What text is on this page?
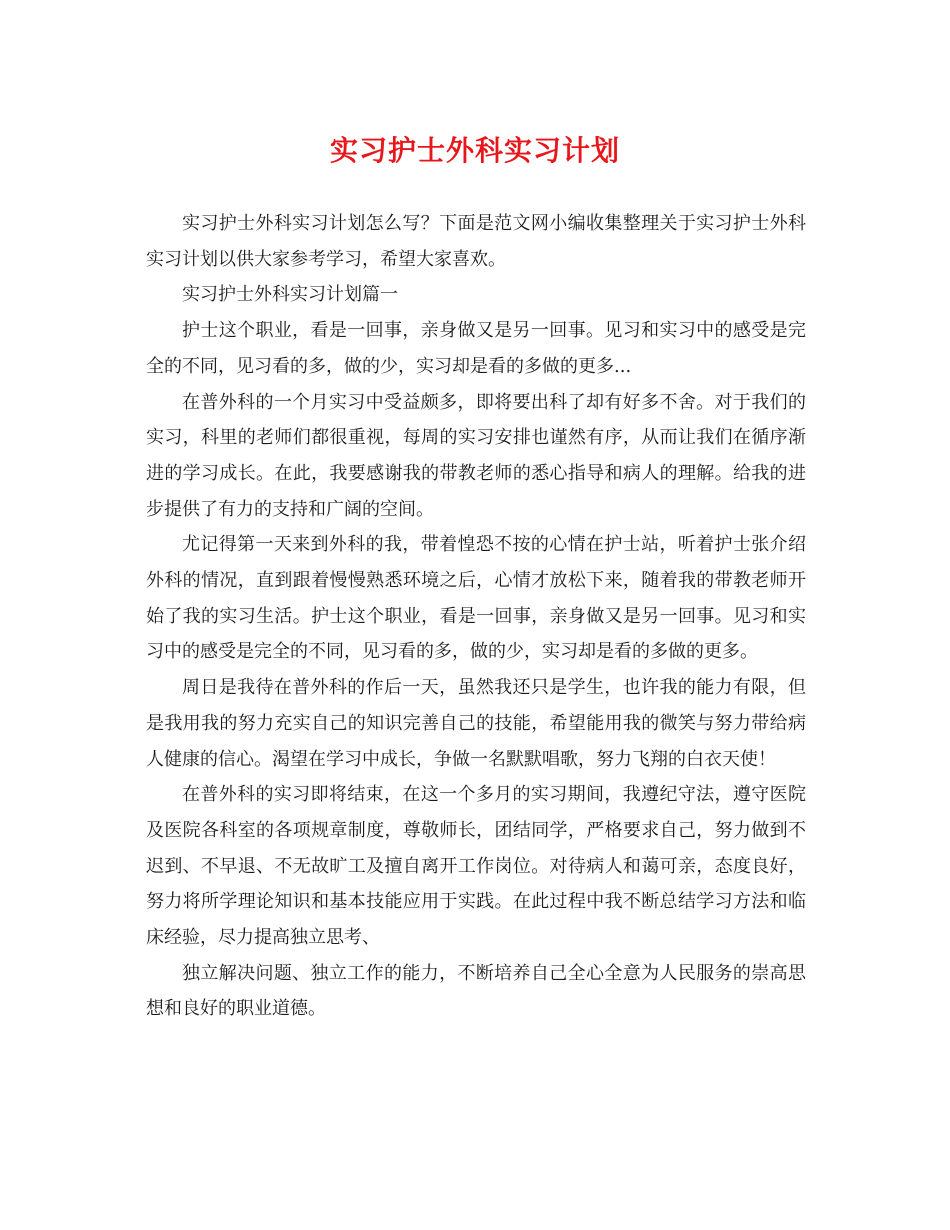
实习护士外科实习计划

实习护士外科实习计划怎么写？下面是范文网小编收集整理关于实习护士外科实习计划以供大家参考学习，希望大家喜欢。

实习护士外科实习计划篇一

护士这个职业，看是一回事，亲身做又是另一回事。见习和实习中的感受是完全的不同，见习看的多，做的少，实习却是看的多做的更多...

在普外科的一个月实习中受益颇多，即将要出科了却有好多不舍。对于我们的实习，科里的老师们都很重视，每周的实习安排也谨然有序，从而让我们在循序渐进的学习成长。在此，我要感谢我的带教老师的悉心指导和病人的理解。给我的进步提供了有力的支持和广阔的空间。

尤记得第一天来到外科的我，带着惶恐不按的心情在护士站，听着护士张介绍外科的情况，直到跟着慢慢熟悉环境之后，心情才放松下来，随着我的带教老师开始了我的实习生活。护士这个职业，看是一回事，亲身做又是另一回事。见习和实习中的感受是完全的不同，见习看的多，做的少，实习却是看的多做的更多。

周日是我待在普外科的作后一天，虽然我还只是学生，也许我的能力有限，但是我用我的努力充实自己的知识完善自己的技能，希望能用我的微笑与努力带给病人健康的信心。渴望在学习中成长，争做一名默默唱歌，努力飞翔的白衣天使！

在普外科的实习即将结束，在这一个多月的实习期间，我遵纪守法，遵守医院及医院各科室的各项规章制度，尊敬师长，团结同学，严格要求自己，努力做到不迟到、不早退、不无故旷工及擅自离开工作岗位。对待病人和蔼可亲，态度良好，努力将所学理论知识和基本技能应用于实践。在此过程中我不断总结学习方法和临床经验，尽力提高独立思考、

独立解决问题、独立工作的能力，不断培养自己全心全意为人民服务的崇高思想和良好的职业道德。
